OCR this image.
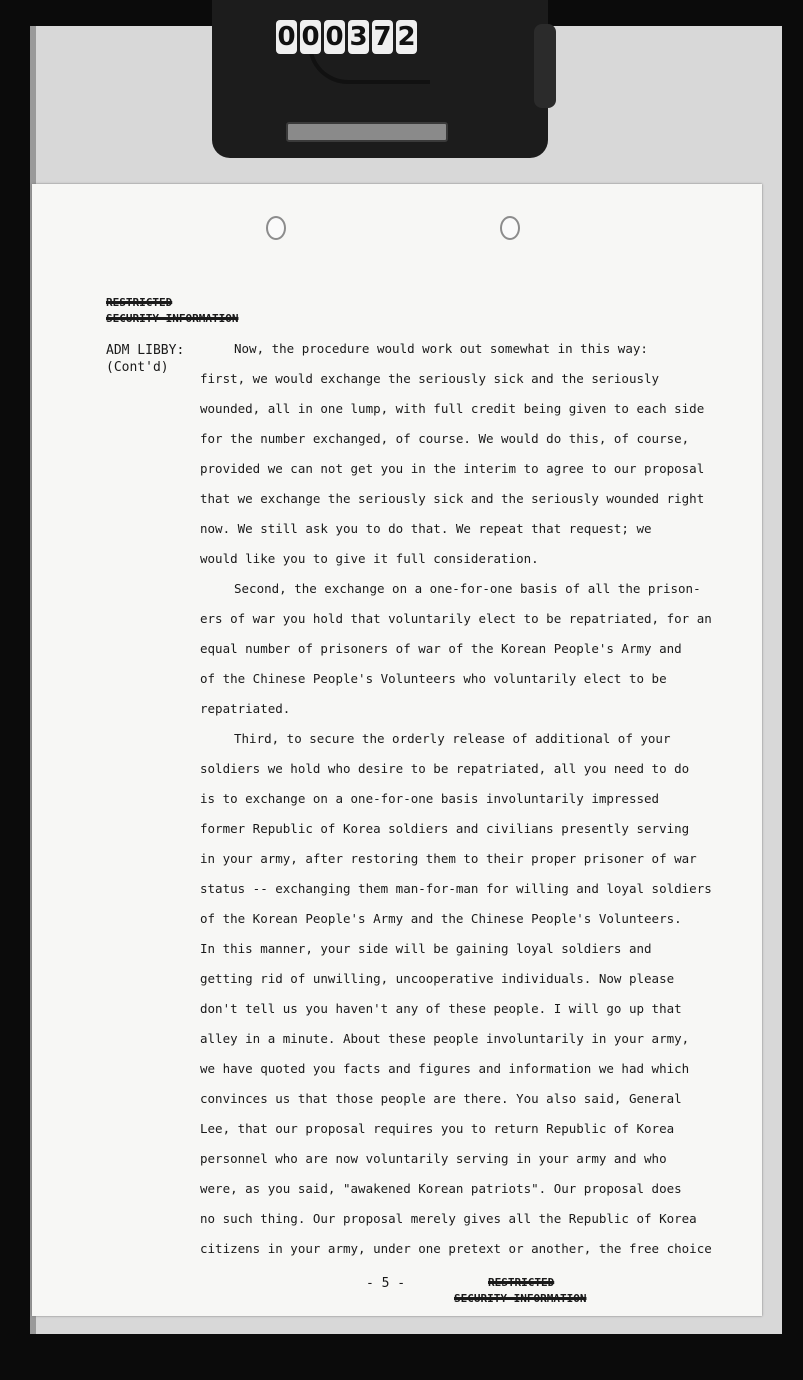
0 0 0 3 7 2
RESTRICTED
SECURITY INFORMATION
ADM LIBBY:
(Cont'd)
Now, the procedure would work out somewhat in this way:
first, we would exchange the seriously sick and the seriously
wounded, all in one lump, with full credit being given to each side
for the number exchanged, of course. We would do this, of course,
provided we can not get you in the interim to agree to our proposal
that we exchange the seriously sick and the seriously wounded right
now. We still ask you to do that. We repeat that request; we
would like you to give it full consideration.
Second, the exchange on a one-for-one basis of all the prison-
ers of war you hold that voluntarily elect to be repatriated, for an
equal number of prisoners of war of the Korean People's Army and
of the Chinese People's Volunteers who voluntarily elect to be
repatriated.
Third, to secure the orderly release of additional of your
soldiers we hold who desire to be repatriated, all you need to do
is to exchange on a one-for-one basis involuntarily impressed
former Republic of Korea soldiers and civilians presently serving
in your army, after restoring them to their proper prisoner of war
status -- exchanging them man-for-man for willing and loyal soldiers
of the Korean People's Army and the Chinese People's Volunteers.
In this manner, your side will be gaining loyal soldiers and
getting rid of unwilling, uncooperative individuals. Now please
don't tell us you haven't any of these people. I will go up that
alley in a minute. About these people involuntarily in your army,
we have quoted you facts and figures and information we had which
convinces us that those people are there. You also said, General
Lee, that our proposal requires you to return Republic of Korea
personnel who are now voluntarily serving in your army and who
were, as you said, "awakened Korean patriots". Our proposal does
no such thing. Our proposal merely gives all the Republic of Korea
citizens in your army, under one pretext or another, the free choice
- 5 -	RESTRICTED
SECURITY INFORMATION
